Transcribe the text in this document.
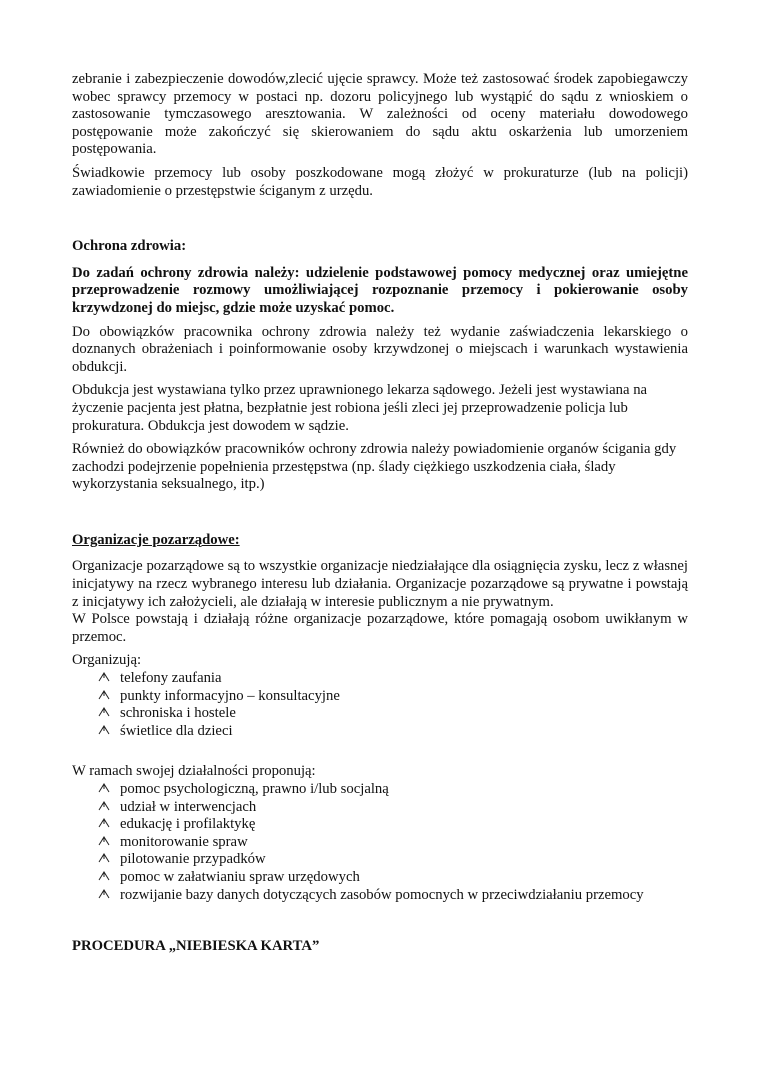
zebranie i zabezpieczenie dowodów,zlecić ujęcie sprawcy. Może też zastosować środek zapobiegawczy wobec sprawcy przemocy w postaci np. dozoru policyjnego lub wystąpić do sądu z wnioskiem o zastosowanie tymczasowego aresztowania. W zależności od oceny materiału dowodowego postępowanie może zakończyć się skierowaniem do sądu aktu oskarżenia lub umorzeniem postępowania.

Świadkowie przemocy lub osoby poszkodowane mogą złożyć w prokuraturze (lub na policji) zawiadomienie o przestępstwie ściganym z urzędu.

Ochrona zdrowia:

Do zadań ochrony zdrowia należy: udzielenie podstawowej pomocy medycznej oraz umiejętne przeprowadzenie rozmowy umożliwiającej rozpoznanie przemocy i pokierowanie osoby krzywdzonej do miejsc, gdzie może uzyskać pomoc.

Do obowiązków pracownika ochrony zdrowia należy też wydanie zaświadczenia lekarskiego o doznanych obrażeniach i poinformowanie osoby krzywdzonej o miejscach i warunkach wystawienia obdukcji.

Obdukcja jest wystawiana tylko przez uprawnionego lekarza sądowego. Jeżeli jest wystawiana na życzenie pacjenta jest płatna, bezpłatnie jest robiona jeśli zleci jej przeprowadzenie policja lub prokuratura. Obdukcja jest dowodem w sądzie.

Również do obowiązków pracowników ochrony zdrowia należy powiadomienie organów ścigania gdy zachodzi podejrzenie popełnienia przestępstwa (np. ślady ciężkiego uszkodzenia ciała, ślady wykorzystania seksualnego, itp.)

Organizacje pozarządowe:

Organizacje pozarządowe są to wszystkie organizacje niedziałające dla osiągnięcia zysku, lecz z własnej inicjatywy na rzecz wybranego interesu lub działania. Organizacje pozarządowe są prywatne i powstają z inicjatywy ich założycieli, ale działają w interesie publicznym a nie prywatnym.

W Polsce powstają i działają różne organizacje pozarządowe, które pomagają osobom uwikłanym w przemoc.

Organizują:

telefony zaufania
punkty informacyjno – konsultacyjne
schroniska i hostele
świetlice dla dzieci

W ramach swojej działalności proponują:

pomoc psychologiczną, prawno i/lub socjalną
udział w interwencjach
edukację i profilaktykę
monitorowanie spraw
pilotowanie przypadków
pomoc w załatwianiu spraw urzędowych
rozwijanie bazy danych dotyczących zasobów pomocnych w przeciwdziałaniu przemocy

PROCEDURA „NIEBIESKA KARTA”
